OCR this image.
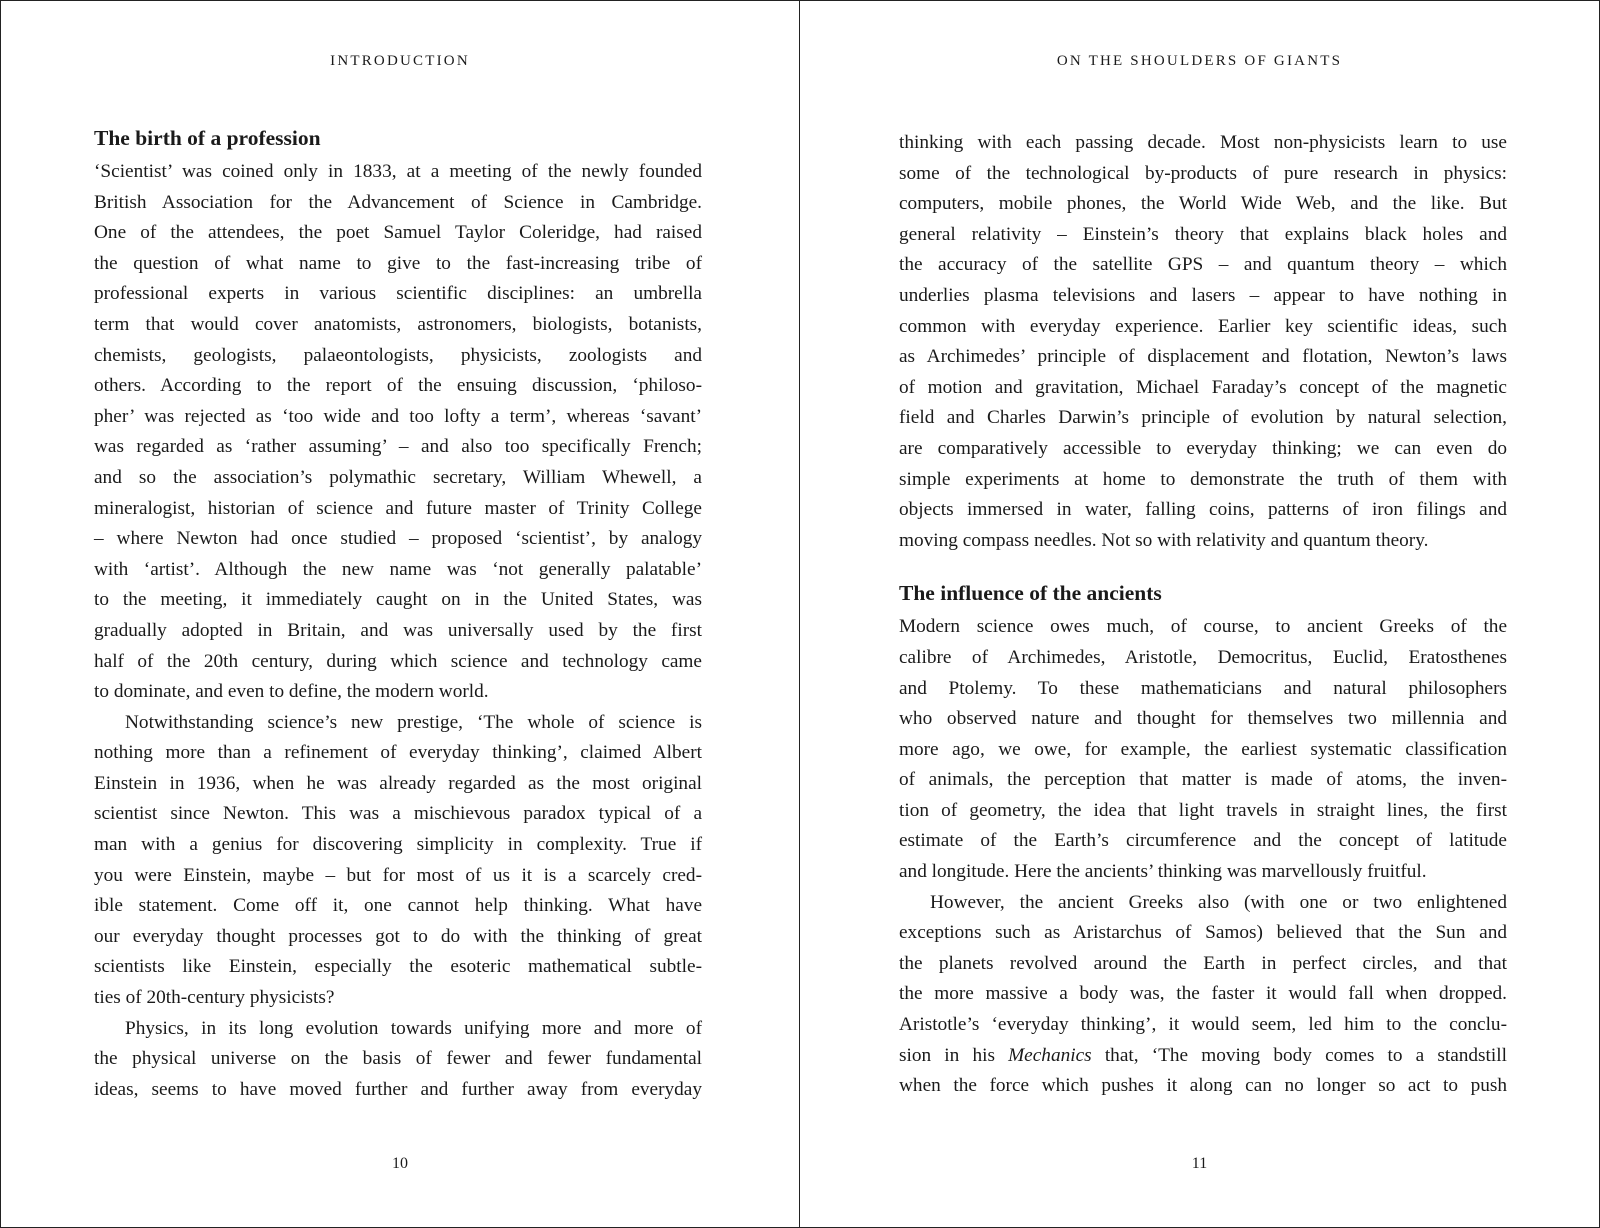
INTRODUCTION
The birth of a profession
‘Scientist’ was coined only in 1833, at a meeting of the newly founded
British Association for the Advancement of Science in Cambridge.
One of the attendees, the poet Samuel Taylor Coleridge, had raised
the question of what name to give to the fast-increasing tribe of
professional experts in various scientific disciplines: an umbrella
term that would cover anatomists, astronomers, biologists, botanists,
chemists, geologists, palaeontologists, physicists, zoologists and
others. According to the report of the ensuing discussion, ‘philoso-
pher’ was rejected as ‘too wide and too lofty a term’, whereas ‘savant’
was regarded as ‘rather assuming’ – and also too specifically French;
and so the association’s polymathic secretary, William Whewell, a
mineralogist, historian of science and future master of Trinity College
– where Newton had once studied – proposed ‘scientist’, by analogy
with ‘artist’. Although the new name was ‘not generally palatable’
to the meeting, it immediately caught on in the United States, was
gradually adopted in Britain, and was universally used by the first
half of the 20th century, during which science and technology came
to dominate, and even to define, the modern world.
Notwithstanding science’s new prestige, ‘The whole of science is
nothing more than a refinement of everyday thinking’, claimed Albert
Einstein in 1936, when he was already regarded as the most original
scientist since Newton. This was a mischievous paradox typical of a
man with a genius for discovering simplicity in complexity. True if
you were Einstein, maybe – but for most of us it is a scarcely cred-
ible statement. Come off it, one cannot help thinking. What have
our everyday thought processes got to do with the thinking of great
scientists like Einstein, especially the esoteric mathematical subtle-
ties of 20th-century physicists?
Physics, in its long evolution towards unifying more and more of
the physical universe on the basis of fewer and fewer fundamental
ideas, seems to have moved further and further away from everyday
10
ON THE SHOULDERS OF GIANTS
thinking with each passing decade. Most non-physicists learn to use
some of the technological by-products of pure research in physics:
computers, mobile phones, the World Wide Web, and the like. But
general relativity – Einstein’s theory that explains black holes and
the accuracy of the satellite GPS – and quantum theory – which
underlies plasma televisions and lasers – appear to have nothing in
common with everyday experience. Earlier key scientific ideas, such
as Archimedes’ principle of displacement and flotation, Newton’s laws
of motion and gravitation, Michael Faraday’s concept of the magnetic
field and Charles Darwin’s principle of evolution by natural selection,
are comparatively accessible to everyday thinking; we can even do
simple experiments at home to demonstrate the truth of them with
objects immersed in water, falling coins, patterns of iron filings and
moving compass needles. Not so with relativity and quantum theory.
The influence of the ancients
Modern science owes much, of course, to ancient Greeks of the
calibre of Archimedes, Aristotle, Democritus, Euclid, Eratosthenes
and Ptolemy. To these mathematicians and natural philosophers
who observed nature and thought for themselves two millennia and
more ago, we owe, for example, the earliest systematic classification
of animals, the perception that matter is made of atoms, the inven-
tion of geometry, the idea that light travels in straight lines, the first
estimate of the Earth’s circumference and the concept of latitude
and longitude. Here the ancients’ thinking was marvellously fruitful.
However, the ancient Greeks also (with one or two enlightened
exceptions such as Aristarchus of Samos) believed that the Sun and
the planets revolved around the Earth in perfect circles, and that
the more massive a body was, the faster it would fall when dropped.
Aristotle’s ‘everyday thinking’, it would seem, led him to the conclu-
sion in his Mechanics that, ‘The moving body comes to a standstill
when the force which pushes it along can no longer so act to push
11
